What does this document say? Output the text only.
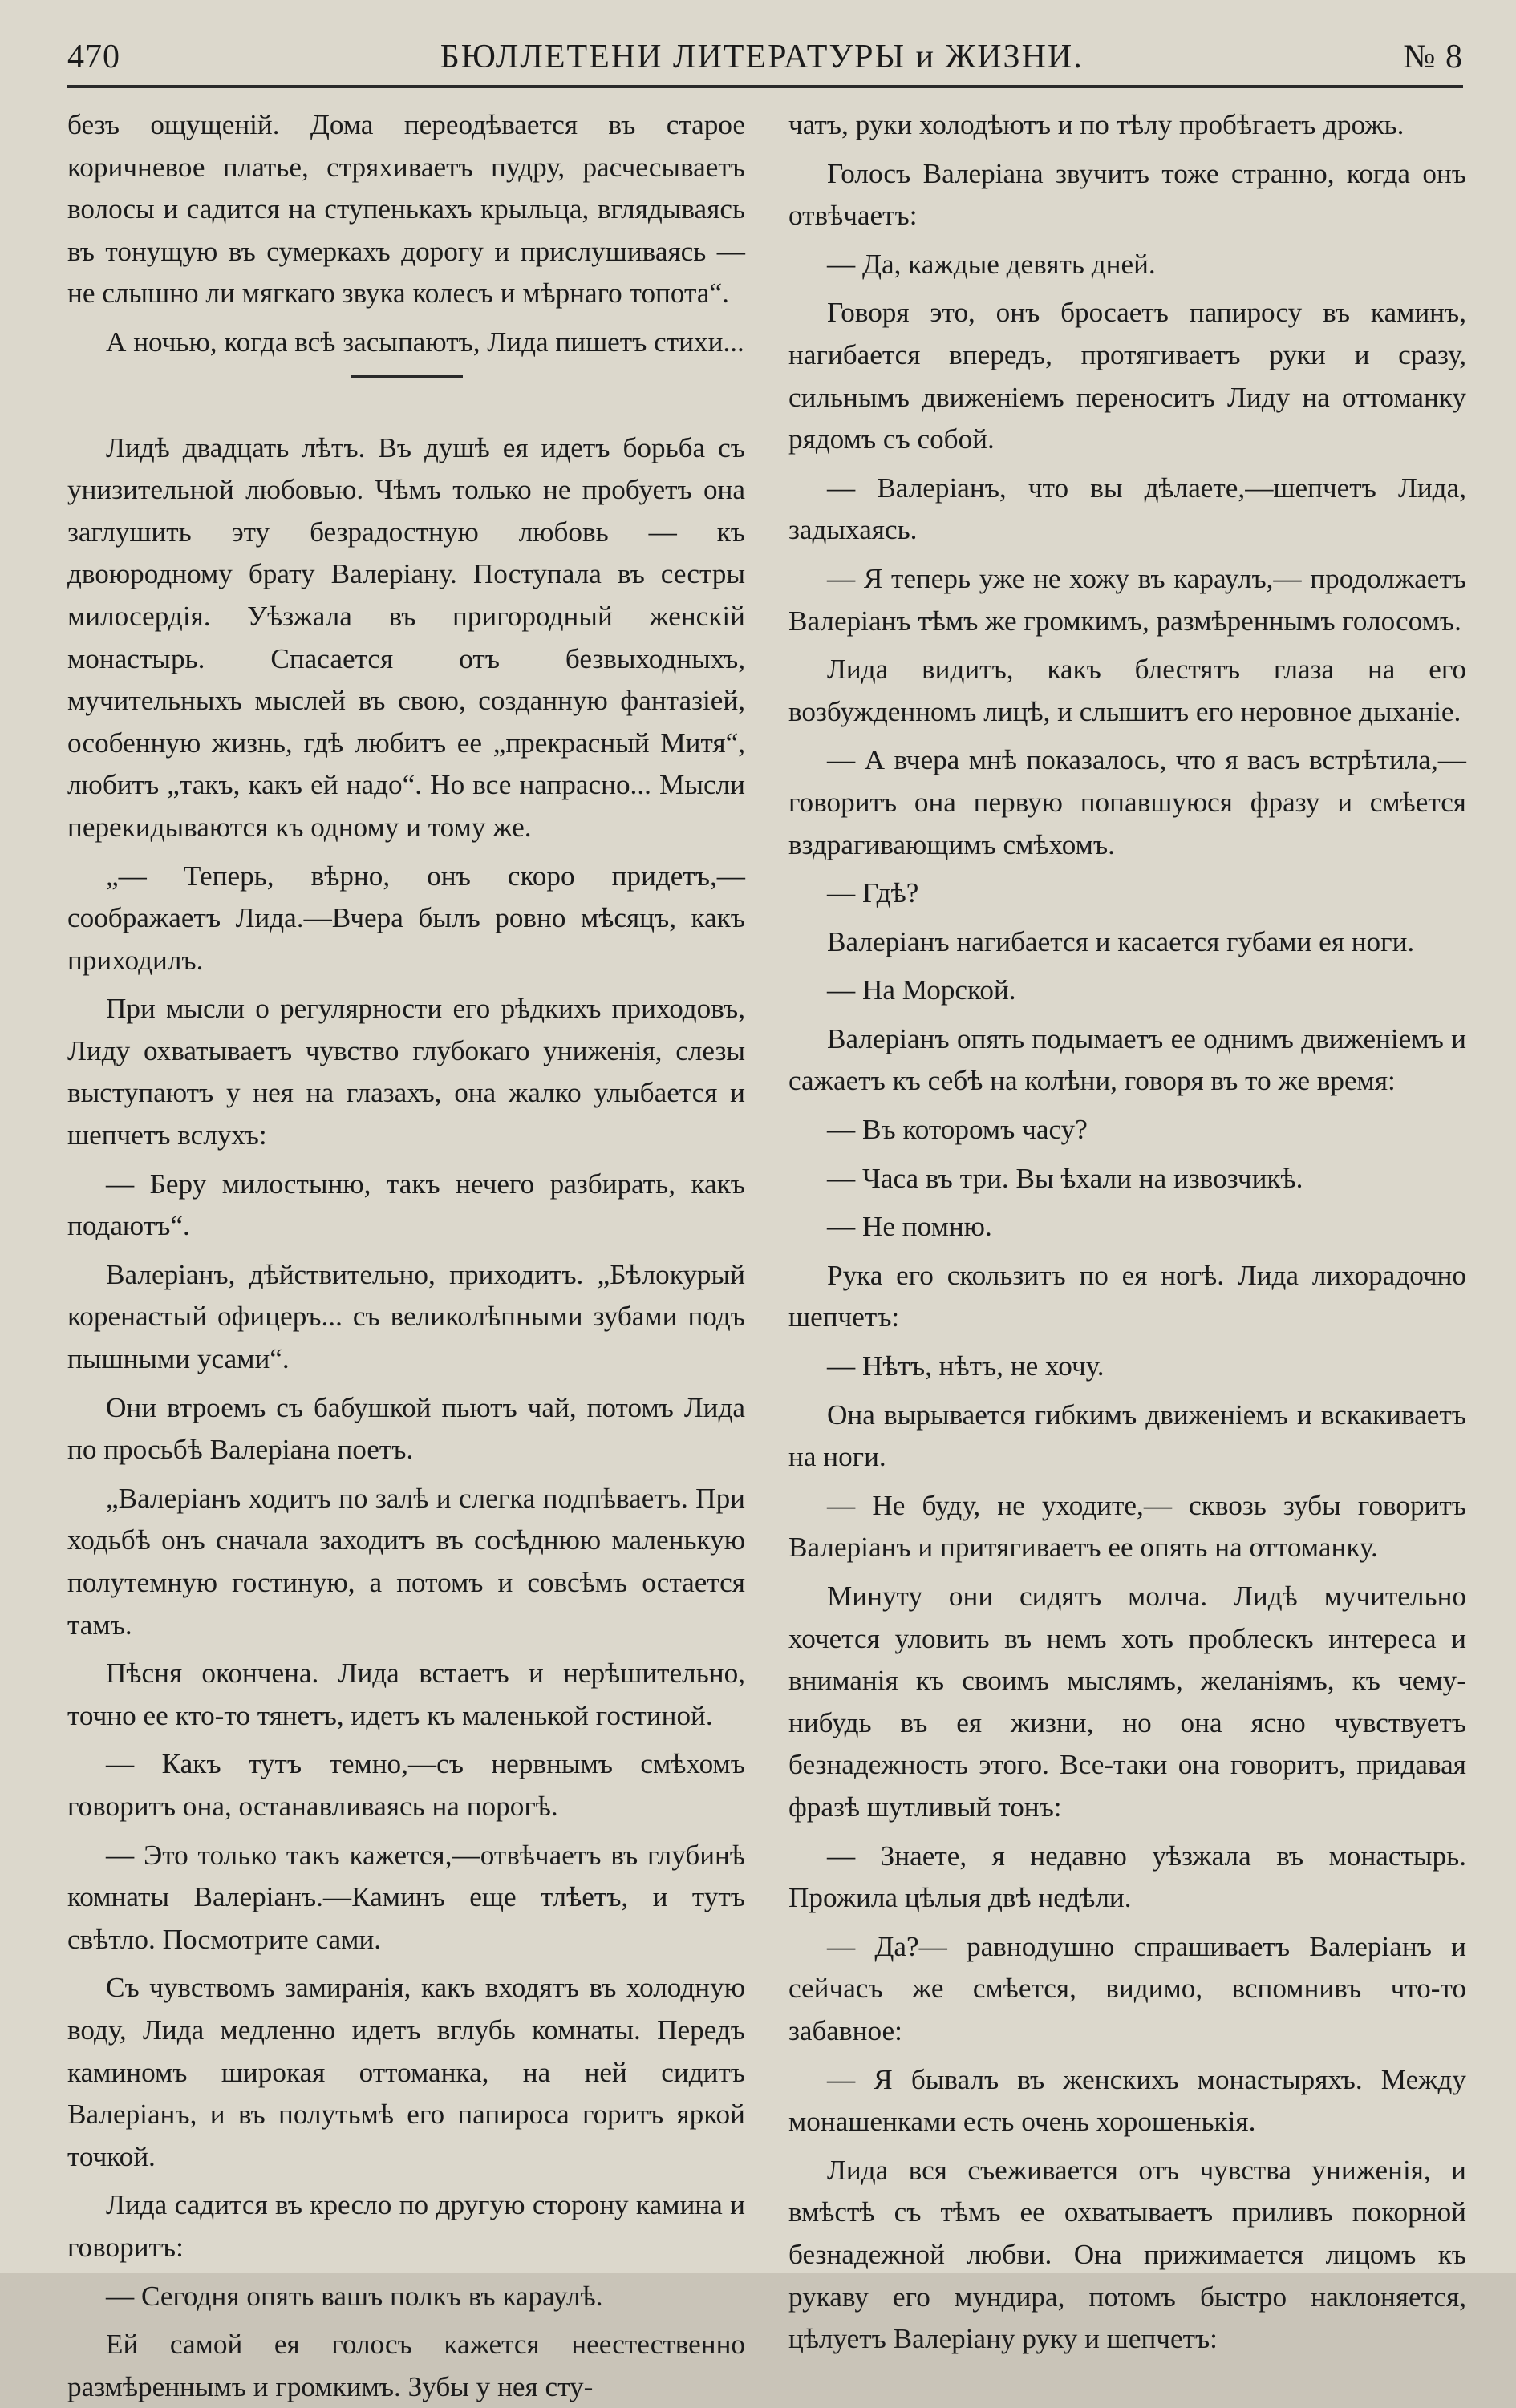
470	БЮЛЛЕТЕНИ ЛИТЕРАТУРЫ и ЖИЗНИ.	№ 8

безъ ощущеній. Дома переодѣвается въ старое коричневое платье, стряхиваетъ пудру, расчесываетъ волосы и садится на ступенькахъ крыльца, вглядываясь въ тонущую въ сумеркахъ дорогу и прислушиваясь — не слышно ли мягкаго звука колесъ и мѣрнаго топота“.

А ночью, когда всѣ засыпаютъ, Лида пишетъ стихи...

Лидѣ двадцать лѣтъ. Въ душѣ ея идетъ борьба съ унизительной любовью. Чѣмъ только не пробуетъ она заглушить эту безрадостную любовь — къ двоюродному брату Валеріану. Поступала въ сестры милосердія. Уѣзжала въ пригородный женскій монастырь. Спасается отъ безвыходныхъ, мучительныхъ мыслей въ свою, созданную фантазіей, особенную жизнь, гдѣ любитъ ее „прекрасный Митя“, любитъ „такъ, какъ ей надо“. Но все напрасно... Мысли перекидываются къ одному и тому же.

„— Теперь, вѣрно, онъ скоро придетъ,— соображаетъ Лида.—Вчера былъ ровно мѣсяцъ, какъ приходилъ.

При мысли о регулярности его рѣдкихъ приходовъ, Лиду охватываетъ чувство глубокаго униженія, слезы выступаютъ у нея на глазахъ, она жалко улыбается и шепчетъ вслухъ:

— Беру милостыню, такъ нечего разбирать, какъ подаютъ“.

Валеріанъ, дѣйствительно, приходитъ. „Бѣлокурый коренастый офицеръ... съ великолѣпными зубами подъ пышными усами“.

Они втроемъ съ бабушкой пьютъ чай, потомъ Лида по просьбѣ Валеріана поетъ.

„Валеріанъ ходитъ по залѣ и слегка подпѣваетъ. При ходьбѣ онъ сначала заходитъ въ сосѣднюю маленькую полутемную гостиную, а потомъ и совсѣмъ остается тамъ.

Пѣсня окончена. Лида встаетъ и нерѣшительно, точно ее кто-то тянетъ, идетъ къ маленькой гостиной.

— Какъ тутъ темно,—съ нервнымъ смѣхомъ говоритъ она, останавливаясь на порогѣ.

— Это только такъ кажется,—отвѣчаетъ въ глубинѣ комнаты Валеріанъ.—Каминъ еще тлѣетъ, и тутъ свѣтло. Посмотрите сами.

Съ чувствомъ замиранія, какъ входятъ въ холодную воду, Лида медленно идетъ вглубь комнаты. Передъ каминомъ широкая оттоманка, на ней сидитъ Валеріанъ, и въ полутьмѣ его папироса горитъ яркой точкой.

Лида садится въ кресло по другую сторону камина и говоритъ:

— Сегодня опять вашъ полкъ въ караулѣ.

Ей самой ея голосъ кажется неестественно размѣреннымъ и громкимъ. Зубы у нея сту-

чатъ, руки холодѣютъ и по тѣлу пробѣгаетъ дрожь.

Голосъ Валеріана звучитъ тоже странно, когда онъ отвѣчаетъ:

— Да, каждые девять дней.

Говоря это, онъ бросаетъ папиросу въ каминъ, нагибается впередъ, протягиваетъ руки и сразу, сильнымъ движеніемъ переноситъ Лиду на оттоманку рядомъ съ собой.

— Валеріанъ, что вы дѣлаете,—шепчетъ Лида, задыхаясь.

— Я теперь уже не хожу въ караулъ,— продолжаетъ Валеріанъ тѣмъ же громкимъ, размѣреннымъ голосомъ.

Лида видитъ, какъ блестятъ глаза на его возбужденномъ лицѣ, и слышитъ его неровное дыханіе.

— А вчера мнѣ показалось, что я васъ встрѣтила,—говоритъ она первую попавшуюся фразу и смѣется вздрагивающимъ смѣхомъ.

— Гдѣ?

Валеріанъ нагибается и касается губами ея ноги.

— На Морской.

Валеріанъ опять подымаетъ ее однимъ движеніемъ и сажаетъ къ себѣ на колѣни, говоря въ то же время:

— Въ которомъ часу?

— Часа въ три. Вы ѣхали на извозчикѣ.

— Не помню.

Рука его скользитъ по ея ногѣ. Лида лихорадочно шепчетъ:

— Нѣтъ, нѣтъ, не хочу.

Она вырывается гибкимъ движеніемъ и вскакиваетъ на ноги.

— Не буду, не уходите,— сквозь зубы говоритъ Валеріанъ и притягиваетъ ее опять на оттоманку.

Минуту они сидятъ молча. Лидѣ мучительно хочется уловить въ немъ хоть проблескъ интереса и вниманія къ своимъ мыслямъ, желаніямъ, къ чему-нибудь въ ея жизни, но она ясно чувствуетъ безнадежность этого. Все-таки она говоритъ, придавая фразѣ шутливый тонъ:

— Знаете, я недавно уѣзжала въ монастырь. Прожила цѣлыя двѣ недѣли.

— Да?— равнодушно спрашиваетъ Валеріанъ и сейчасъ же смѣется, видимо, вспомнивъ что-то забавное:

— Я бывалъ въ женскихъ монастыряхъ. Между монашенками есть очень хорошенькія.

Лида вся съеживается отъ чувства униженія, и вмѣстѣ съ тѣмъ ее охватываетъ приливъ покорной безнадежной любви. Она прижимается лицомъ къ рукаву его мундира, потомъ быстро наклоняется, цѣлуетъ Валеріану руку и шепчетъ:
